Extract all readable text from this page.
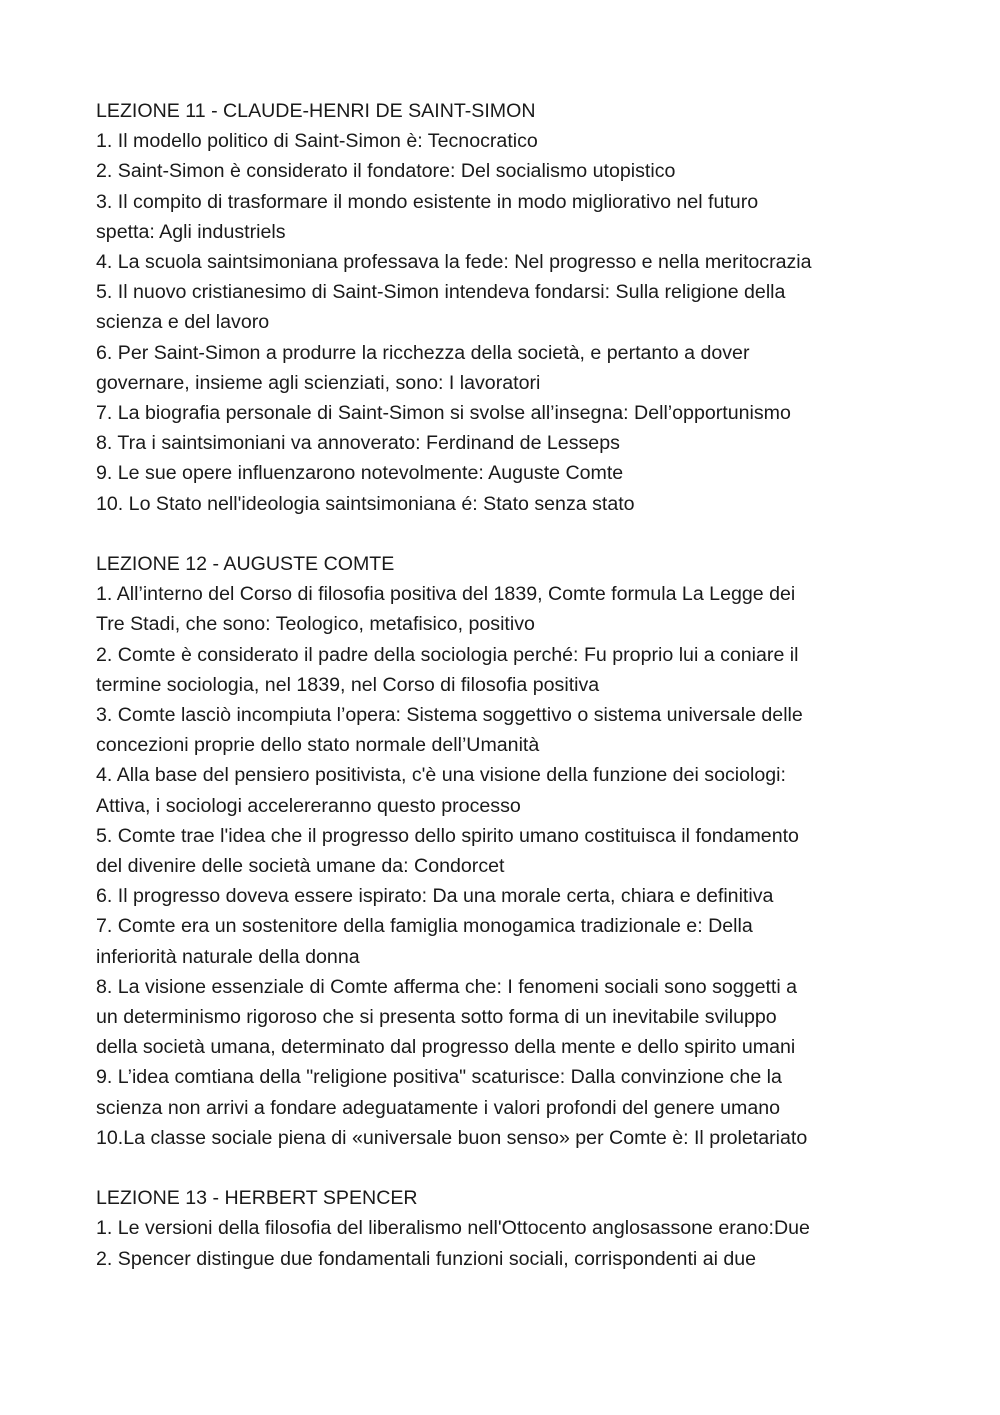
LEZIONE 11 - CLAUDE-HENRI DE SAINT-SIMON
1. Il modello politico di Saint-Simon è: Tecnocratico
2. Saint-Simon è considerato il fondatore: Del socialismo utopistico
3. Il compito di trasformare il mondo esistente in modo migliorativo nel futuro
spetta: Agli industriels
4. La scuola saintsimoniana professava la fede: Nel progresso e nella meritocrazia
5. Il nuovo cristianesimo di Saint-Simon intendeva fondarsi: Sulla religione della
scienza e del lavoro
6. Per Saint-Simon a produrre la ricchezza della società, e pertanto a dover
governare, insieme agli scienziati, sono: I lavoratori
7. La biografia personale di Saint-Simon si svolse all’insegna: Dell’opportunismo
8. Tra i saintsimoniani va annoverato: Ferdinand de Lesseps
9. Le sue opere influenzarono notevolmente: Auguste Comte
10. Lo Stato nell'ideologia saintsimoniana é: Stato senza stato
LEZIONE 12 - AUGUSTE COMTE
1. All’interno del Corso di filosofia positiva del 1839, Comte formula La Legge dei
Tre Stadi, che sono: Teologico, metafisico, positivo
2. Comte è considerato il padre della sociologia perché: Fu proprio lui a coniare il
termine sociologia, nel 1839, nel Corso di filosofia positiva
3. Comte lasciò incompiuta l’opera: Sistema soggettivo o sistema universale delle
concezioni proprie dello stato normale dell’Umanità
4. Alla base del pensiero positivista, c'è una visione della funzione dei sociologi:
Attiva, i sociologi accelereranno questo processo
5. Comte trae l'idea che il progresso dello spirito umano costituisca il fondamento
del divenire delle società umane da: Condorcet
6. Il progresso doveva essere ispirato: Da una morale certa, chiara e definitiva
7. Comte era un sostenitore della famiglia monogamica tradizionale e: Della
inferiorità naturale della donna
8. La visione essenziale di Comte afferma che: I fenomeni sociali sono soggetti a
un determinismo rigoroso che si presenta sotto forma di un inevitabile sviluppo
della società umana, determinato dal progresso della mente e dello spirito umani
9. L’idea comtiana della "religione positiva" scaturisce: Dalla convinzione che la
scienza non arrivi a fondare adeguatamente i valori profondi del genere umano
10.La classe sociale piena di «universale buon senso» per Comte è: Il proletariato
LEZIONE 13 - HERBERT SPENCER
1. Le versioni della filosofia del liberalismo nell'Ottocento anglosassone erano:Due
2. Spencer distingue due fondamentali funzioni sociali, corrispondenti ai due
